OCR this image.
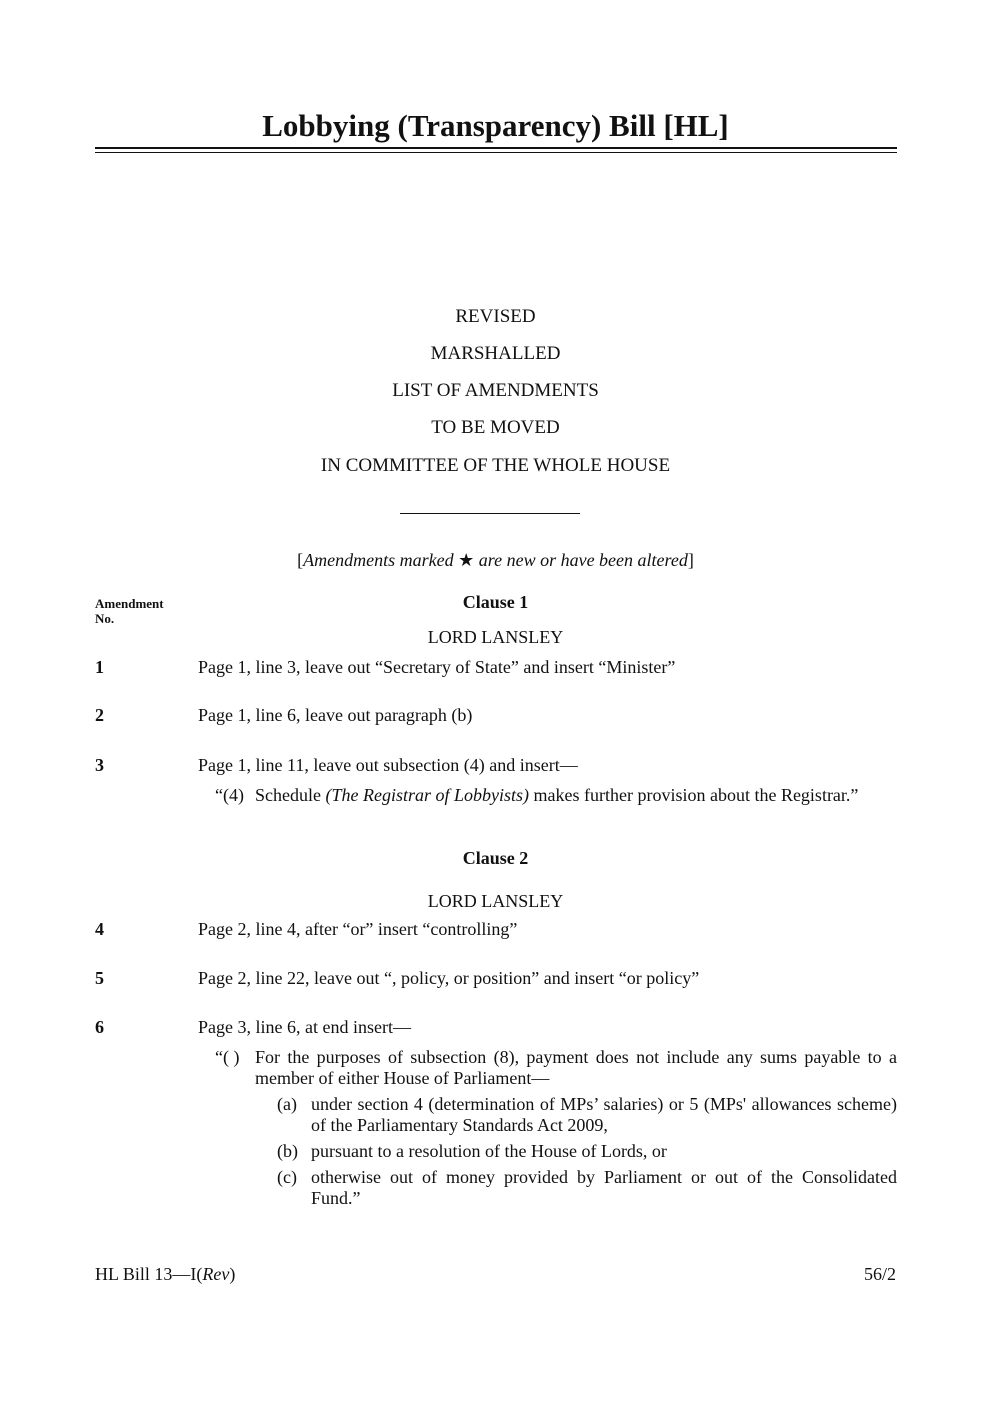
Lobbying (Transparency) Bill [HL]
REVISED
MARSHALLED
LIST OF AMENDMENTS
TO BE MOVED
IN COMMITTEE OF THE WHOLE HOUSE
[Amendments marked ★ are new or have been altered]
Amendment
No.
Clause 1
LORD LANSLEY
1	Page 1, line 3, leave out “Secretary of State” and insert “Minister”
2	Page 1, line 6, leave out paragraph (b)
3	Page 1, line 11, leave out subsection (4) and insert—
“(4) Schedule (The Registrar of Lobbyists) makes further provision about the Registrar.”
Clause 2
LORD LANSLEY
4	Page 2, line 4, after “or” insert “controlling”
5	Page 2, line 22, leave out “, policy, or position” and insert “or policy”
6	Page 3, line 6, at end insert—
“( ) For the purposes of subsection (8), payment does not include any sums payable to a member of either House of Parliament—
(a) under section 4 (determination of MPs’ salaries) or 5 (MPs' allowances scheme) of the Parliamentary Standards Act 2009,
(b) pursuant to a resolution of the House of Lords, or
(c) otherwise out of money provided by Parliament or out of the Consolidated Fund.”
HL Bill 13—I(Rev)	56/2
